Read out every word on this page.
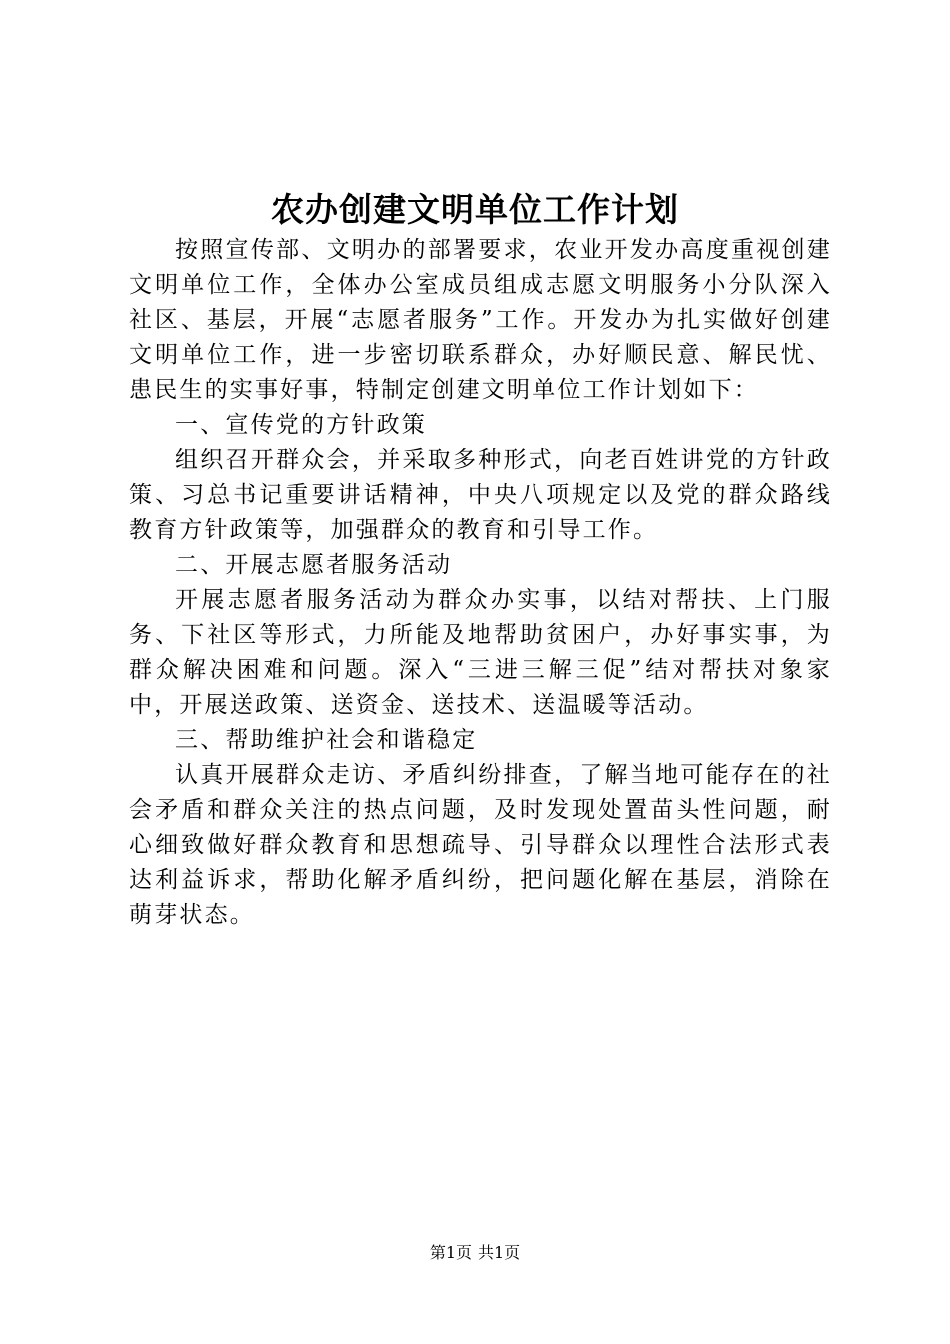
农办创建文明单位工作计划

按照宣传部、文明办的部署要求，农业开发办高度重视创建文明单位工作，全体办公室成员组成志愿文明服务小分队深入社区、基层，开展“志愿者服务”工作。开发办为扎实做好创建文明单位工作，进一步密切联系群众，办好顺民意、解民忧、患民生的实事好事，特制定创建文明单位工作计划如下：

一、宣传党的方针政策

组织召开群众会，并采取多种形式，向老百姓讲党的方针政策、习总书记重要讲话精神，中央八项规定以及党的群众路线教育方针政策等，加强群众的教育和引导工作。

二、开展志愿者服务活动

开展志愿者服务活动为群众办实事，以结对帮扶、上门服务、下社区等形式，力所能及地帮助贫困户，办好事实事，为群众解决困难和问题。深入“三进三解三促”结对帮扶对象家中，开展送政策、送资金、送技术、送温暖等活动。

三、帮助维护社会和谐稳定

认真开展群众走访、矛盾纠纷排查，了解当地可能存在的社会矛盾和群众关注的热点问题，及时发现处置苗头性问题，耐心细致做好群众教育和思想疏导、引导群众以理性合法形式表达利益诉求，帮助化解矛盾纠纷，把问题化解在基层，消除在萌芽状态。

第1页 共1页
